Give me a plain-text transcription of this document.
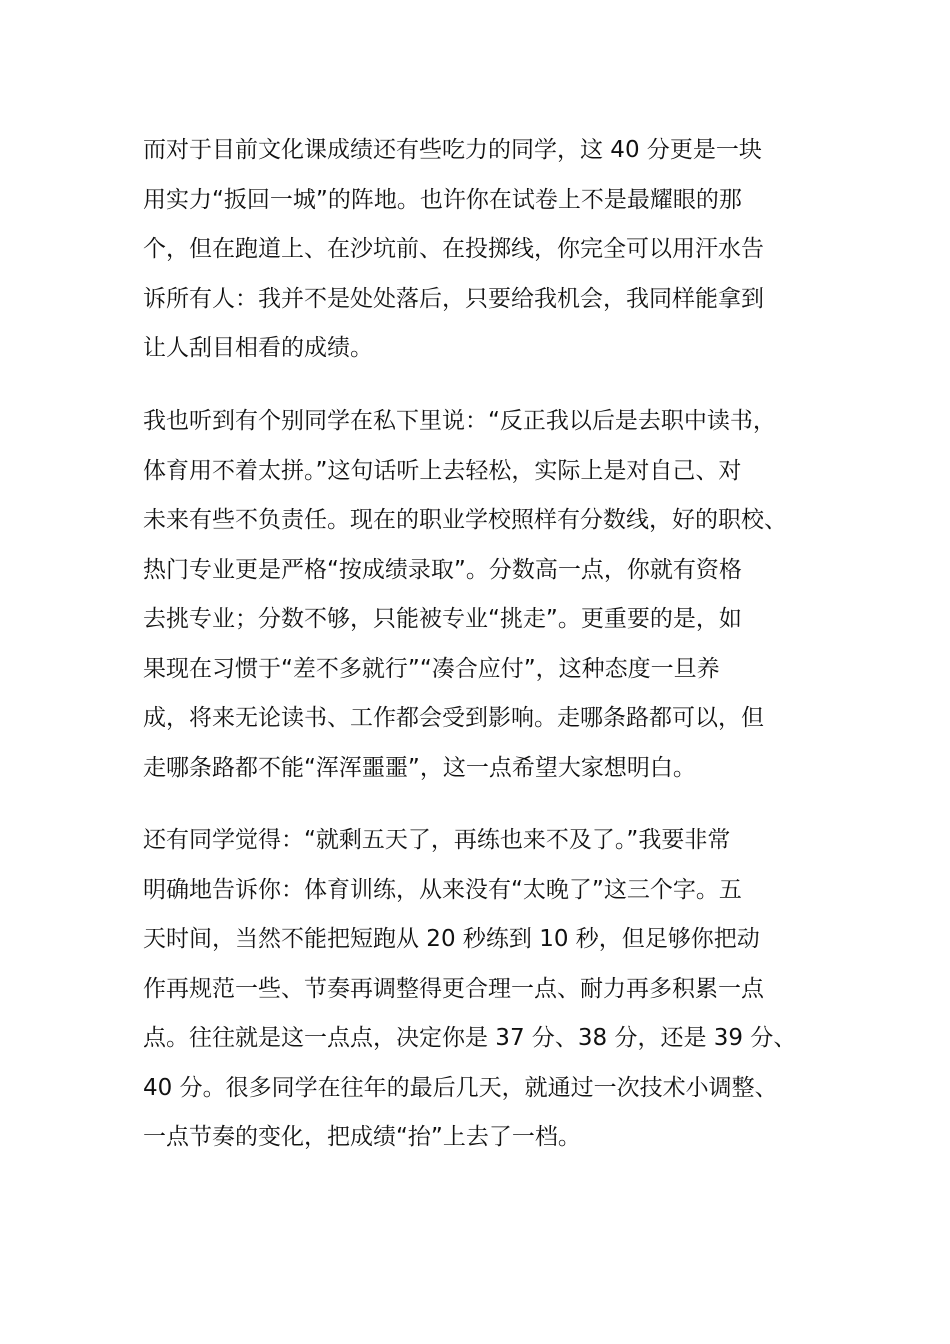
而对于目前文化课成绩还有些吃力的同学，这 40 分更是一块
用实力“扳回一城”的阵地。也许你在试卷上不是最耀眼的那
个，但在跑道上、在沙坑前、在投掷线，你完全可以用汗水告
诉所有人：我并不是处处落后，只要给我机会，我同样能拿到
让人刮目相看的成绩。
我也听到有个别同学在私下里说：“反正我以后是去职中读书，
体育用不着太拼。”这句话听上去轻松，实际上是对自己、对
未来有些不负责任。现在的职业学校照样有分数线，好的职校、
热门专业更是严格“按成绩录取”。分数高一点，你就有资格
去挑专业；分数不够，只能被专业“挑走”。更重要的是，如
果现在习惯于“差不多就行”“凑合应付”，这种态度一旦养
成，将来无论读书、工作都会受到影响。走哪条路都可以，但
走哪条路都不能“浑浑噩噩”，这一点希望大家想明白。
还有同学觉得：“就剩五天了，再练也来不及了。”我要非常
明确地告诉你：体育训练，从来没有“太晚了”这三个字。五
天时间，当然不能把短跑从 20 秒练到 10 秒，但足够你把动
作再规范一些、节奏再调整得更合理一点、耐力再多积累一点
点。往往就是这一点点，决定你是 37 分、38 分，还是 39 分、
40 分。很多同学在往年的最后几天，就通过一次技术小调整、
一点节奏的变化，把成绩“抬”上去了一档。
